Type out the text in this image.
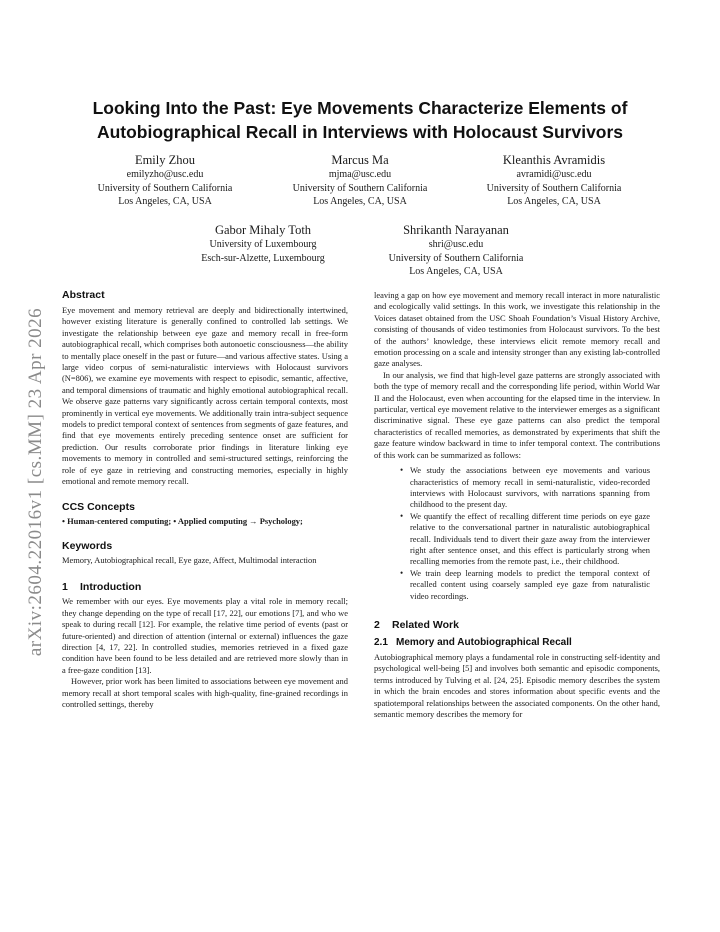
arXiv:2604.22016v1 [cs.MM] 23 Apr 2026
Looking Into the Past: Eye Movements Characterize Elements of Autobiographical Recall in Interviews with Holocaust Survivors
Emily Zhou
emilyzho@usc.edu
University of Southern California
Los Angeles, CA, USA
Marcus Ma
mjma@usc.edu
University of Southern California
Los Angeles, CA, USA
Kleanthis Avramidis
avramidi@usc.edu
University of Southern California
Los Angeles, CA, USA
Gabor Mihaly Toth
University of Luxembourg
Esch-sur-Alzette, Luxembourg
Shrikanth Narayanan
shri@usc.edu
University of Southern California
Los Angeles, CA, USA
Abstract

Eye movement and memory retrieval are deeply and bidirectionally intertwined, however existing literature is generally confined to controlled lab settings. We investigate the relationship between eye gaze and memory recall in free-form autobiographical recall, which comprises both autonoetic consciousness—the ability to mentally place oneself in the past or future—and various affective states. Using a large video corpus of semi-naturalistic interviews with Holocaust survivors (N=806), we examine eye movements with respect to episodic, semantic, affective, and temporal dimensions of traumatic and highly emotional autobiographical recall. We observe gaze patterns vary significantly across certain temporal contexts, most prominently in vertical eye movements. We additionally train intra-subject sequence models to predict temporal context of sentences from segments of gaze features, and find that eye movements entirely preceding sentence onset are sufficient for prediction. Our results corroborate prior findings in literature linking eye movements to memory in controlled and semi-structured settings, reinforcing the role of eye gaze in retrieving and constructing memories, especially in highly emotional and remote memory recall.

CCS Concepts

• Human-centered computing; • Applied computing → Psychology;

Keywords

Memory, Autobiographical recall, Eye gaze, Affect, Multimodal interaction

1 Introduction

We remember with our eyes. Eye movements play a vital role in memory recall; they change depending on the type of recall [17, 22], our emotions [7], and who we speak to during recall [12]. For example, the relative time period of events (past or future-oriented) and direction of attention (internal or external) influences the gaze direction [4, 17, 22]. In controlled studies, memories retrieved in a fixed gaze condition have been found to be less detailed and are retrieved more slowly than in a free-gaze condition [13].

However, prior work has been limited to associations between eye movement and memory recall at short temporal scales with high-quality, fine-grained recordings in controlled settings, thereby

leaving a gap on how eye movement and memory recall interact in more naturalistic and ecologically valid settings. In this work, we investigate this relationship in the Voices dataset obtained from the USC Shoah Foundation’s Visual History Archive, consisting of thousands of video testimonies from Holocaust survivors. To the best of the authors’ knowledge, these interviews elicit remote memory recall and emotion processing on a scale and intensity stronger than any existing lab-controlled gaze analyses.

In our analysis, we find that high-level gaze patterns are strongly associated with both the type of memory recall and the corresponding life period, within World War II and the Holocaust, even when accounting for the elapsed time in the interview. In particular, vertical eye movement relative to the interviewer emerges as a significant discriminative signal. These eye gaze patterns can also predict the temporal characteristics of recalled memories, as demonstrated by experiments that shift the gaze feature window backward in time to infer temporal context. The contributions of this work can be summarized as follows:

• We study the associations between eye movements and various characteristics of memory recall in semi-naturalistic, video-recorded interviews with Holocaust survivors, with narrations spanning from childhood to the present day.
• We quantify the effect of recalling different time periods on eye gaze relative to the conversational partner in naturalistic autobiographical recall. Individuals tend to divert their gaze away from the interviewer right after sentence onset, and this effect is particularly strong when recalling memories from the remote past, i.e., their childhood.
• We train deep learning models to predict the temporal context of recalled content using coarsely sampled eye gaze from naturalistic video recordings.
2 Related Work
2.1 Memory and Autobiographical Recall

Autobiographical memory plays a fundamental role in constructing self-identity and psychological well-being [5] and involves both semantic and episodic components, terms introduced by Tulving et al. [24, 25]. Episodic memory describes the system in which the brain encodes and stores information about specific events and the spatiotemporal relationships between the associated components. On the other hand, semantic memory describes the memory for
